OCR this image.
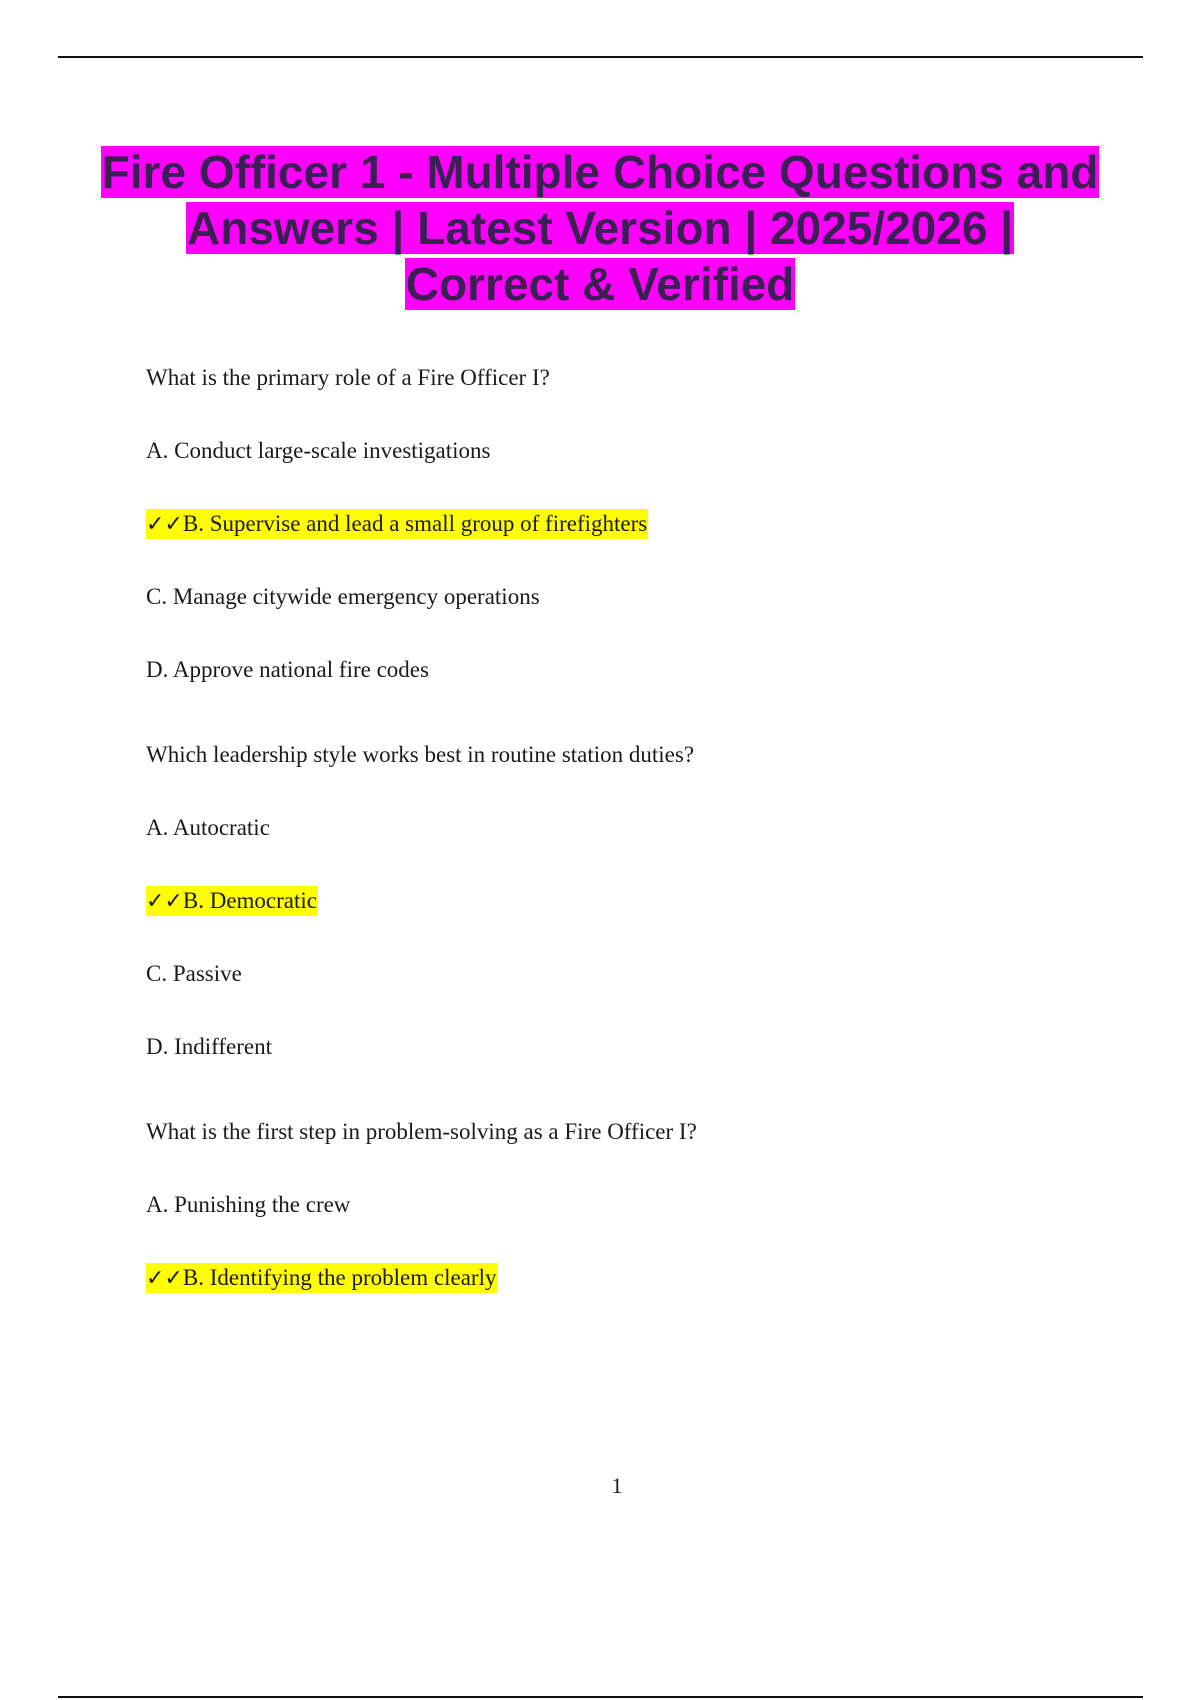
Fire Officer 1 - Multiple Choice Questions and Answers | Latest Version | 2025/2026 | Correct & Verified
What is the primary role of a Fire Officer I?
A. Conduct large-scale investigations
✓✓B. Supervise and lead a small group of firefighters
C. Manage citywide emergency operations
D. Approve national fire codes
Which leadership style works best in routine station duties?
A. Autocratic
✓✓B. Democratic
C. Passive
D. Indifferent
What is the first step in problem-solving as a Fire Officer I?
A. Punishing the crew
✓✓B. Identifying the problem clearly
1
